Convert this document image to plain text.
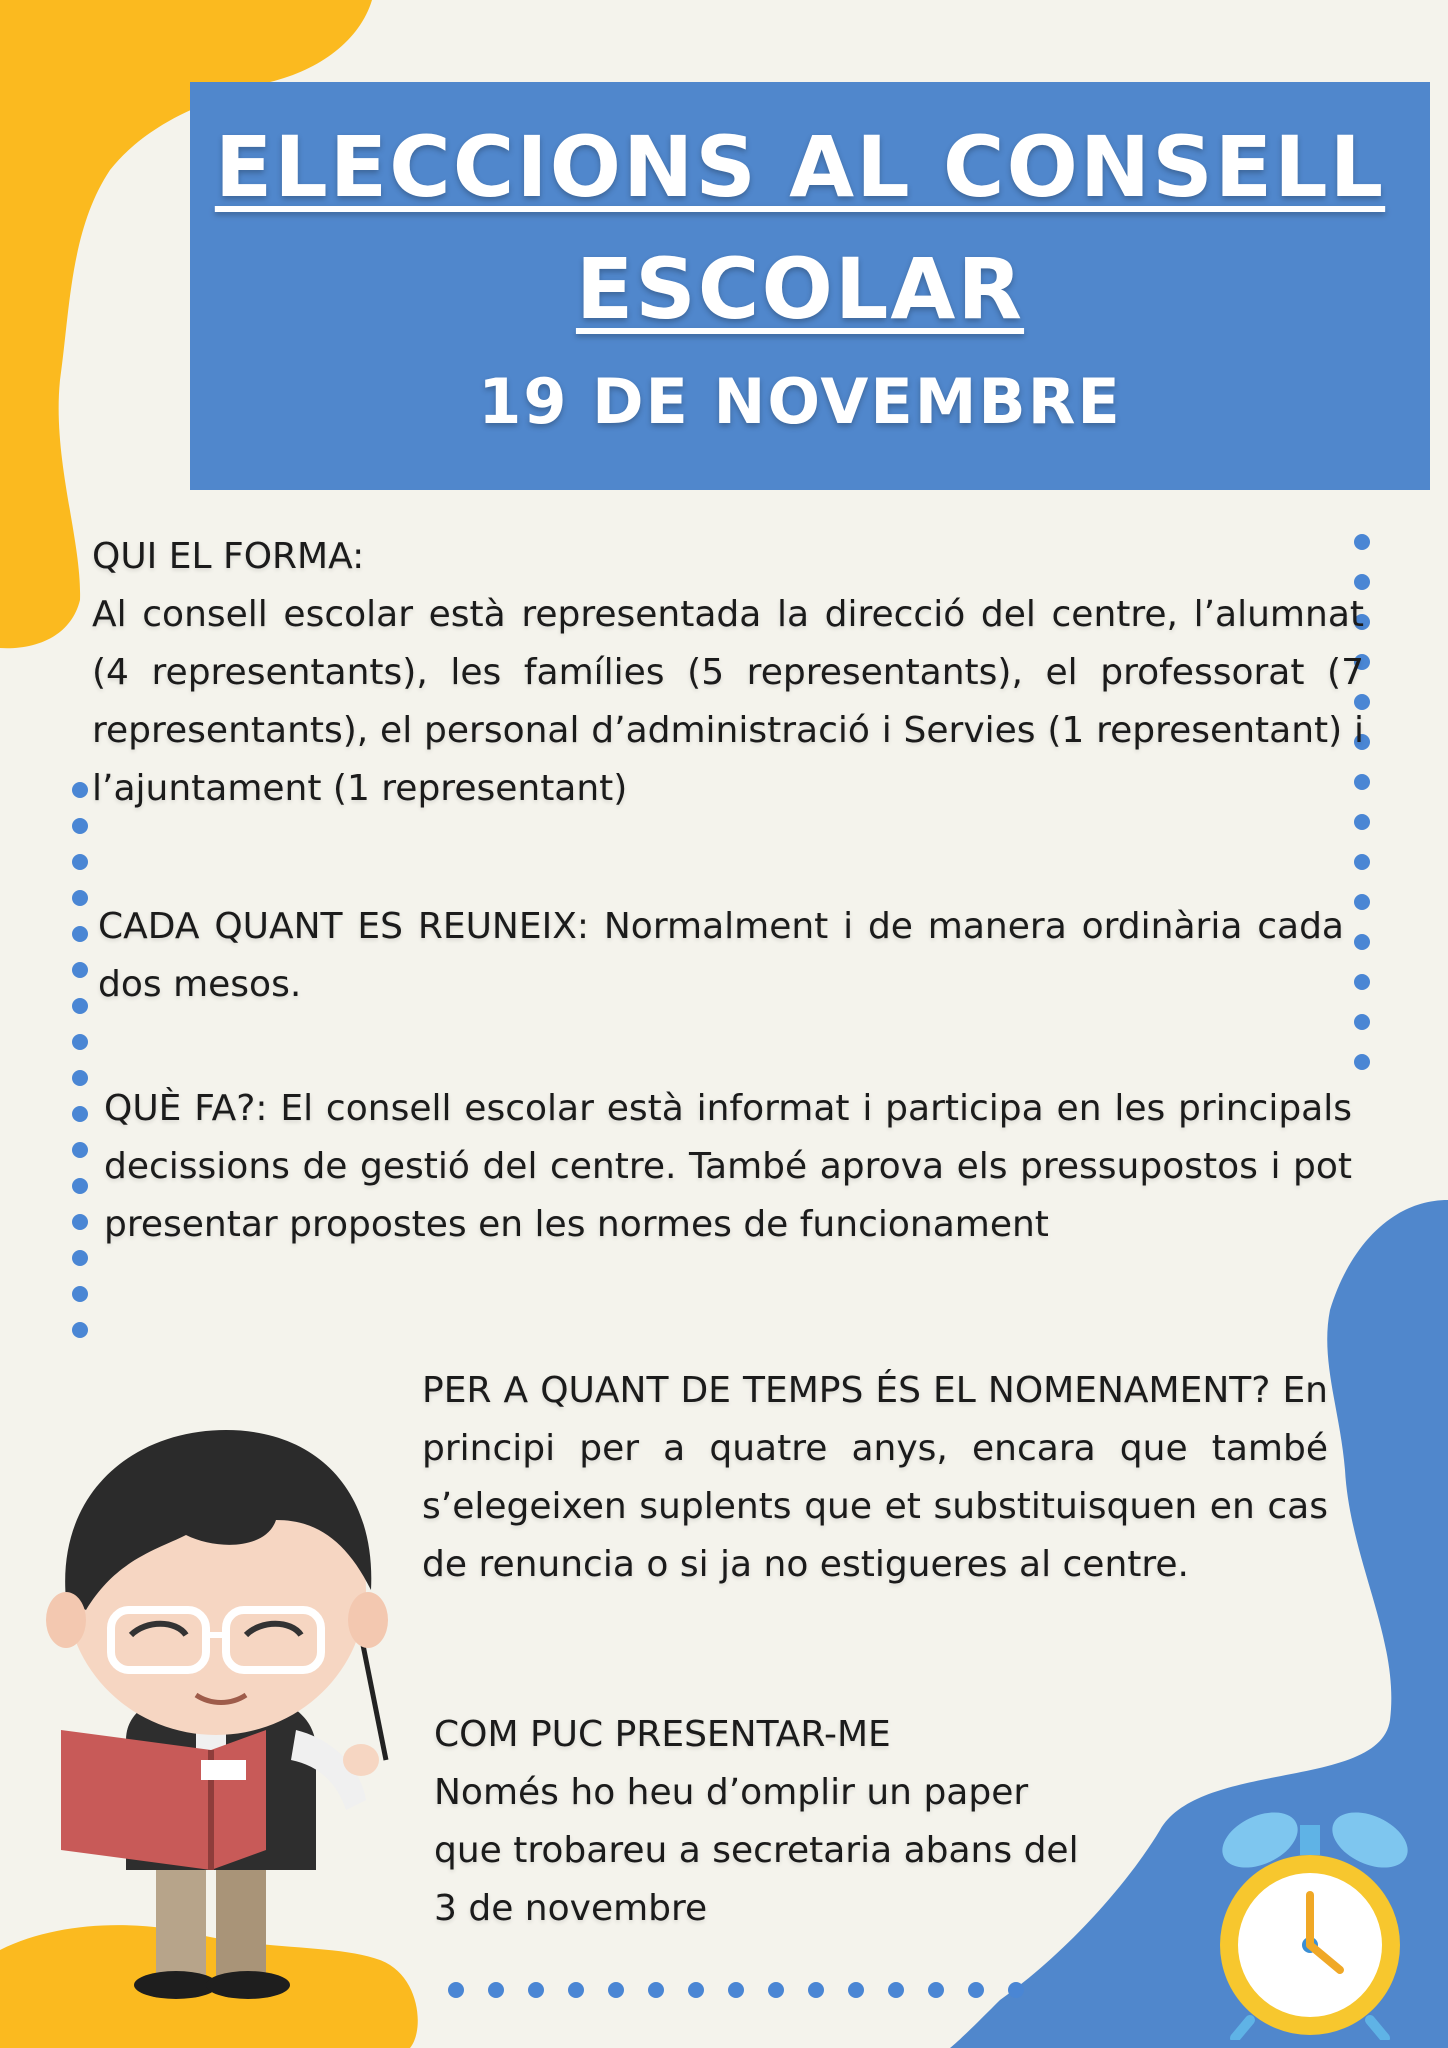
ELECCIONS AL CONSELL
ESCOLAR
19 DE NOVEMBRE
QUI EL FORMA:
Al consell escolar està representada la direcció del centre, l’alumnat (4 representants), les famílies (5 representants), el professorat (7 representants), el personal d’administració i Servies (1 representant) i l’ajuntament (1 representant)
CADA QUANT ES REUNEIX: Normalment i de manera ordinària cada dos mesos.
QUÈ FA?: El consell escolar està informat i participa en les principals decissions de gestió del centre. També aprova els pressupostos i pot presentar propostes en les normes de funcionament
PER A QUANT DE TEMPS ÉS EL NOMENAMENT? En principi per a quatre anys, encara que també s’elegeixen suplents que et substituisquen en cas de renuncia o si ja no estigueres al centre.
COM PUC PRESENTAR-ME
Només ho heu d’omplir un paper
que trobareu a secretaria abans del
3 de novembre
